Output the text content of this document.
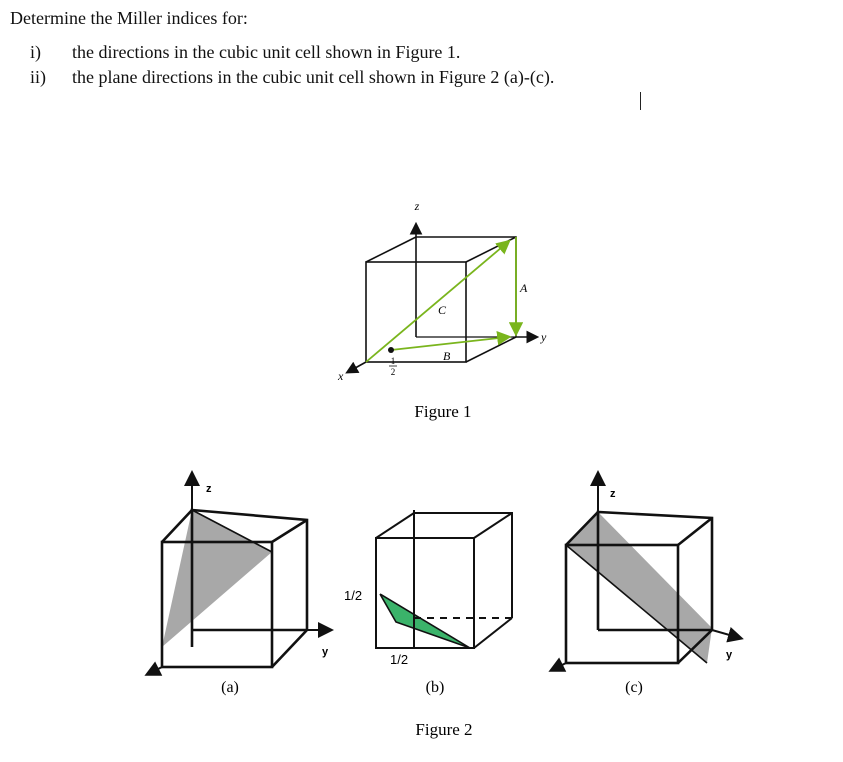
Determine the Miller indices for:
i) the directions in the cubic unit cell shown in Figure 1.
ii) the plane directions in the cubic unit cell shown in Figure 2 (a)-(c).
z
y
x
A
B
C
1
2
Figure 1
z
y
(a)
1/2
1/2
(b)
z
y
(c)
Figure 2
